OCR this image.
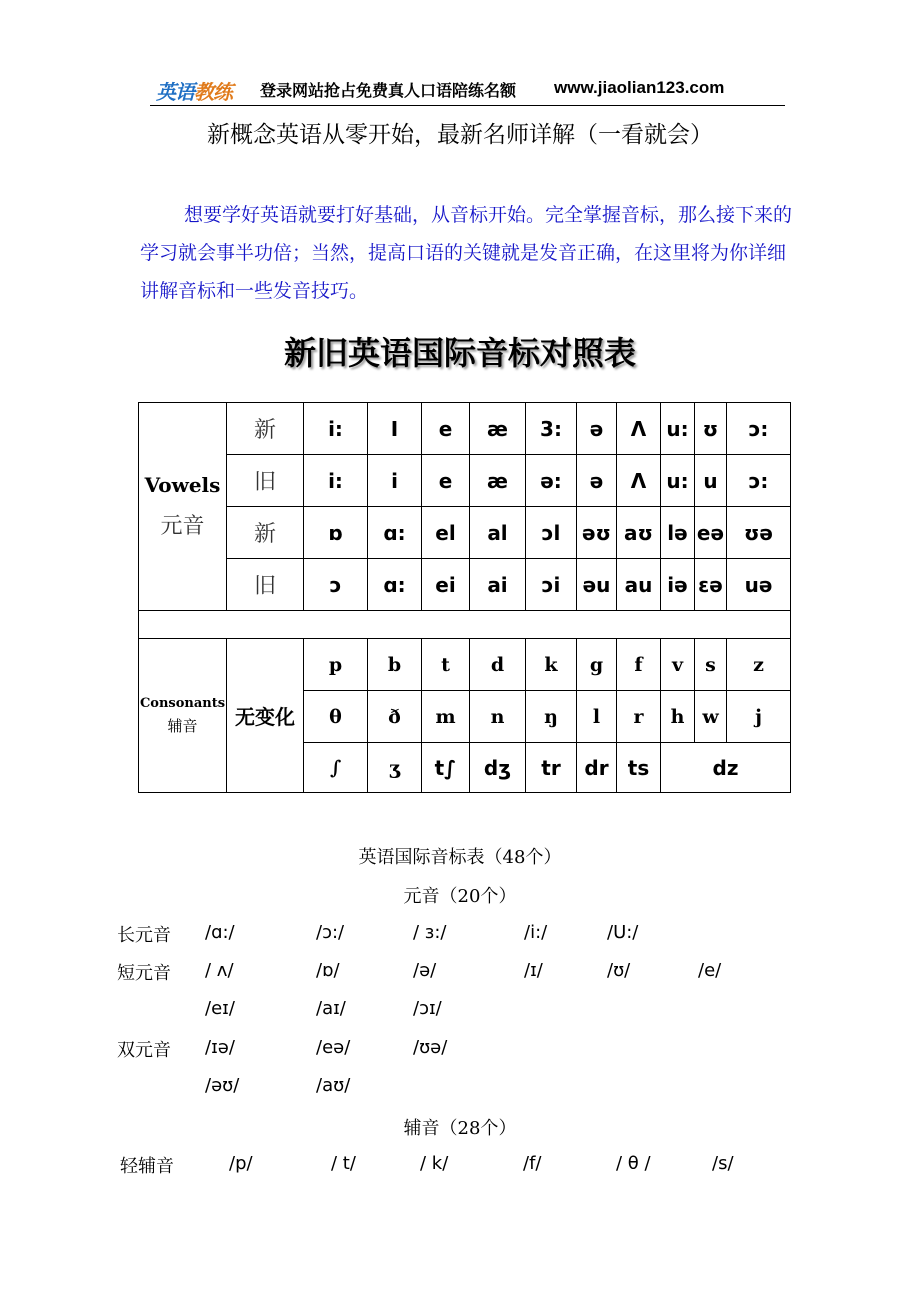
英语教练 登录网站抢占免费真人口语陪练名额 www.jiaolian123.com
新概念英语从零开始，最新名师详解（一看就会）
想要学好英语就要打好基础，从音标开始。完全掌握音标，那么接下来的学习就会事半功倍；当然，提高口语的关键就是发音正确，在这里将为你详细讲解音标和一些发音技巧。
新旧英语国际音标对照表
Vowels
元音	新	i:	I	e	æ	3:	ə	Λ	u:	ʊ	ɔ:
	旧	i:	i	e	æ	ə:	ə	Λ	u:	u	ɔ:
	新	ɒ	ɑ:	el	al	ɔl	əʊ	aʊ	lə	eə	ʊə
	旧	ɔ	ɑ:	ei	ai	ɔi	əu	au	iə	ɛə	uə

Consonants
辅音	无变化	p	b	t	d	k	g	f	v	s	z
		θ	ð	m	n	ŋ	l	r	h	w	j
		∫	ʒ	t∫	dʒ	tr	dr	ts	dz		
英语国际音标表（48个）
元音（20个）
长元音 /ɑ:/	/ɔ:/	/ ɜ:/	/i:/	/U:/
短元音 / ʌ/	/ɒ/	/ə/	/ɪ/	/ʊ/	/e/
/eɪ/	/aɪ/	/ɔɪ/
双元音 /ɪə/	/eə/	/ʊə/
/əʊ/	/aʊ/
辅音（28个）
轻辅音	/p/	/ t/	/ k/	/f/	/ θ /	/s/
